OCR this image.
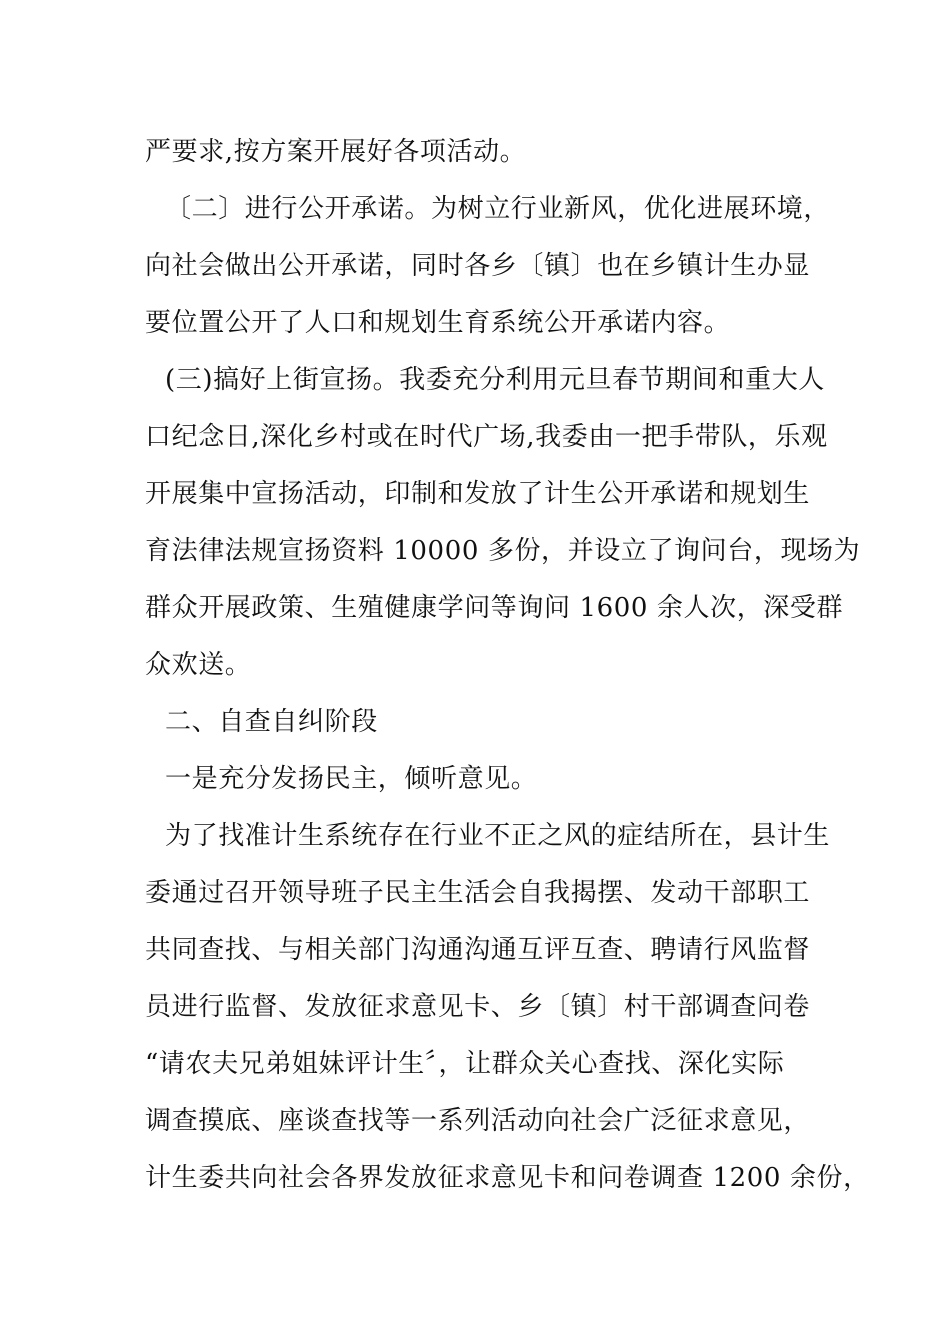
严要求,按方案开展好各项活动。
〔二〕进行公开承诺。为树立行业新风，优化进展环境，
向社会做出公开承诺，同时各乡〔镇〕也在乡镇计生办显
要位置公开了人口和规划生育系统公开承诺内容。
(三)搞好上街宣扬。我委充分利用元旦春节期间和重大人
口纪念日,深化乡村或在时代广场,我委由一把手带队，乐观
开展集中宣扬活动，印制和发放了计生公开承诺和规划生
育法律法规宣扬资料 10000 多份，并设立了询问台，现场为
群众开展政策、生殖健康学问等询问 1600 余人次，深受群
众欢送。
二、自查自纠阶段
一是充分发扬民主，倾听意见。
为了找准计生系统存在行业不正之风的症结所在，县计生
委通过召开领导班子民主生活会自我揭摆、发动干部职工
共同查找、与相关部门沟通沟通互评互查、聘请行风监督
员进行监督、发放征求意见卡、乡〔镇〕村干部调查问卷
“请农夫兄弟姐妹评计生〞，让群众关心查找、深化实际
调查摸底、座谈查找等一系列活动向社会广泛征求意见，
计生委共向社会各界发放征求意见卡和问卷调查 1200 余份，
